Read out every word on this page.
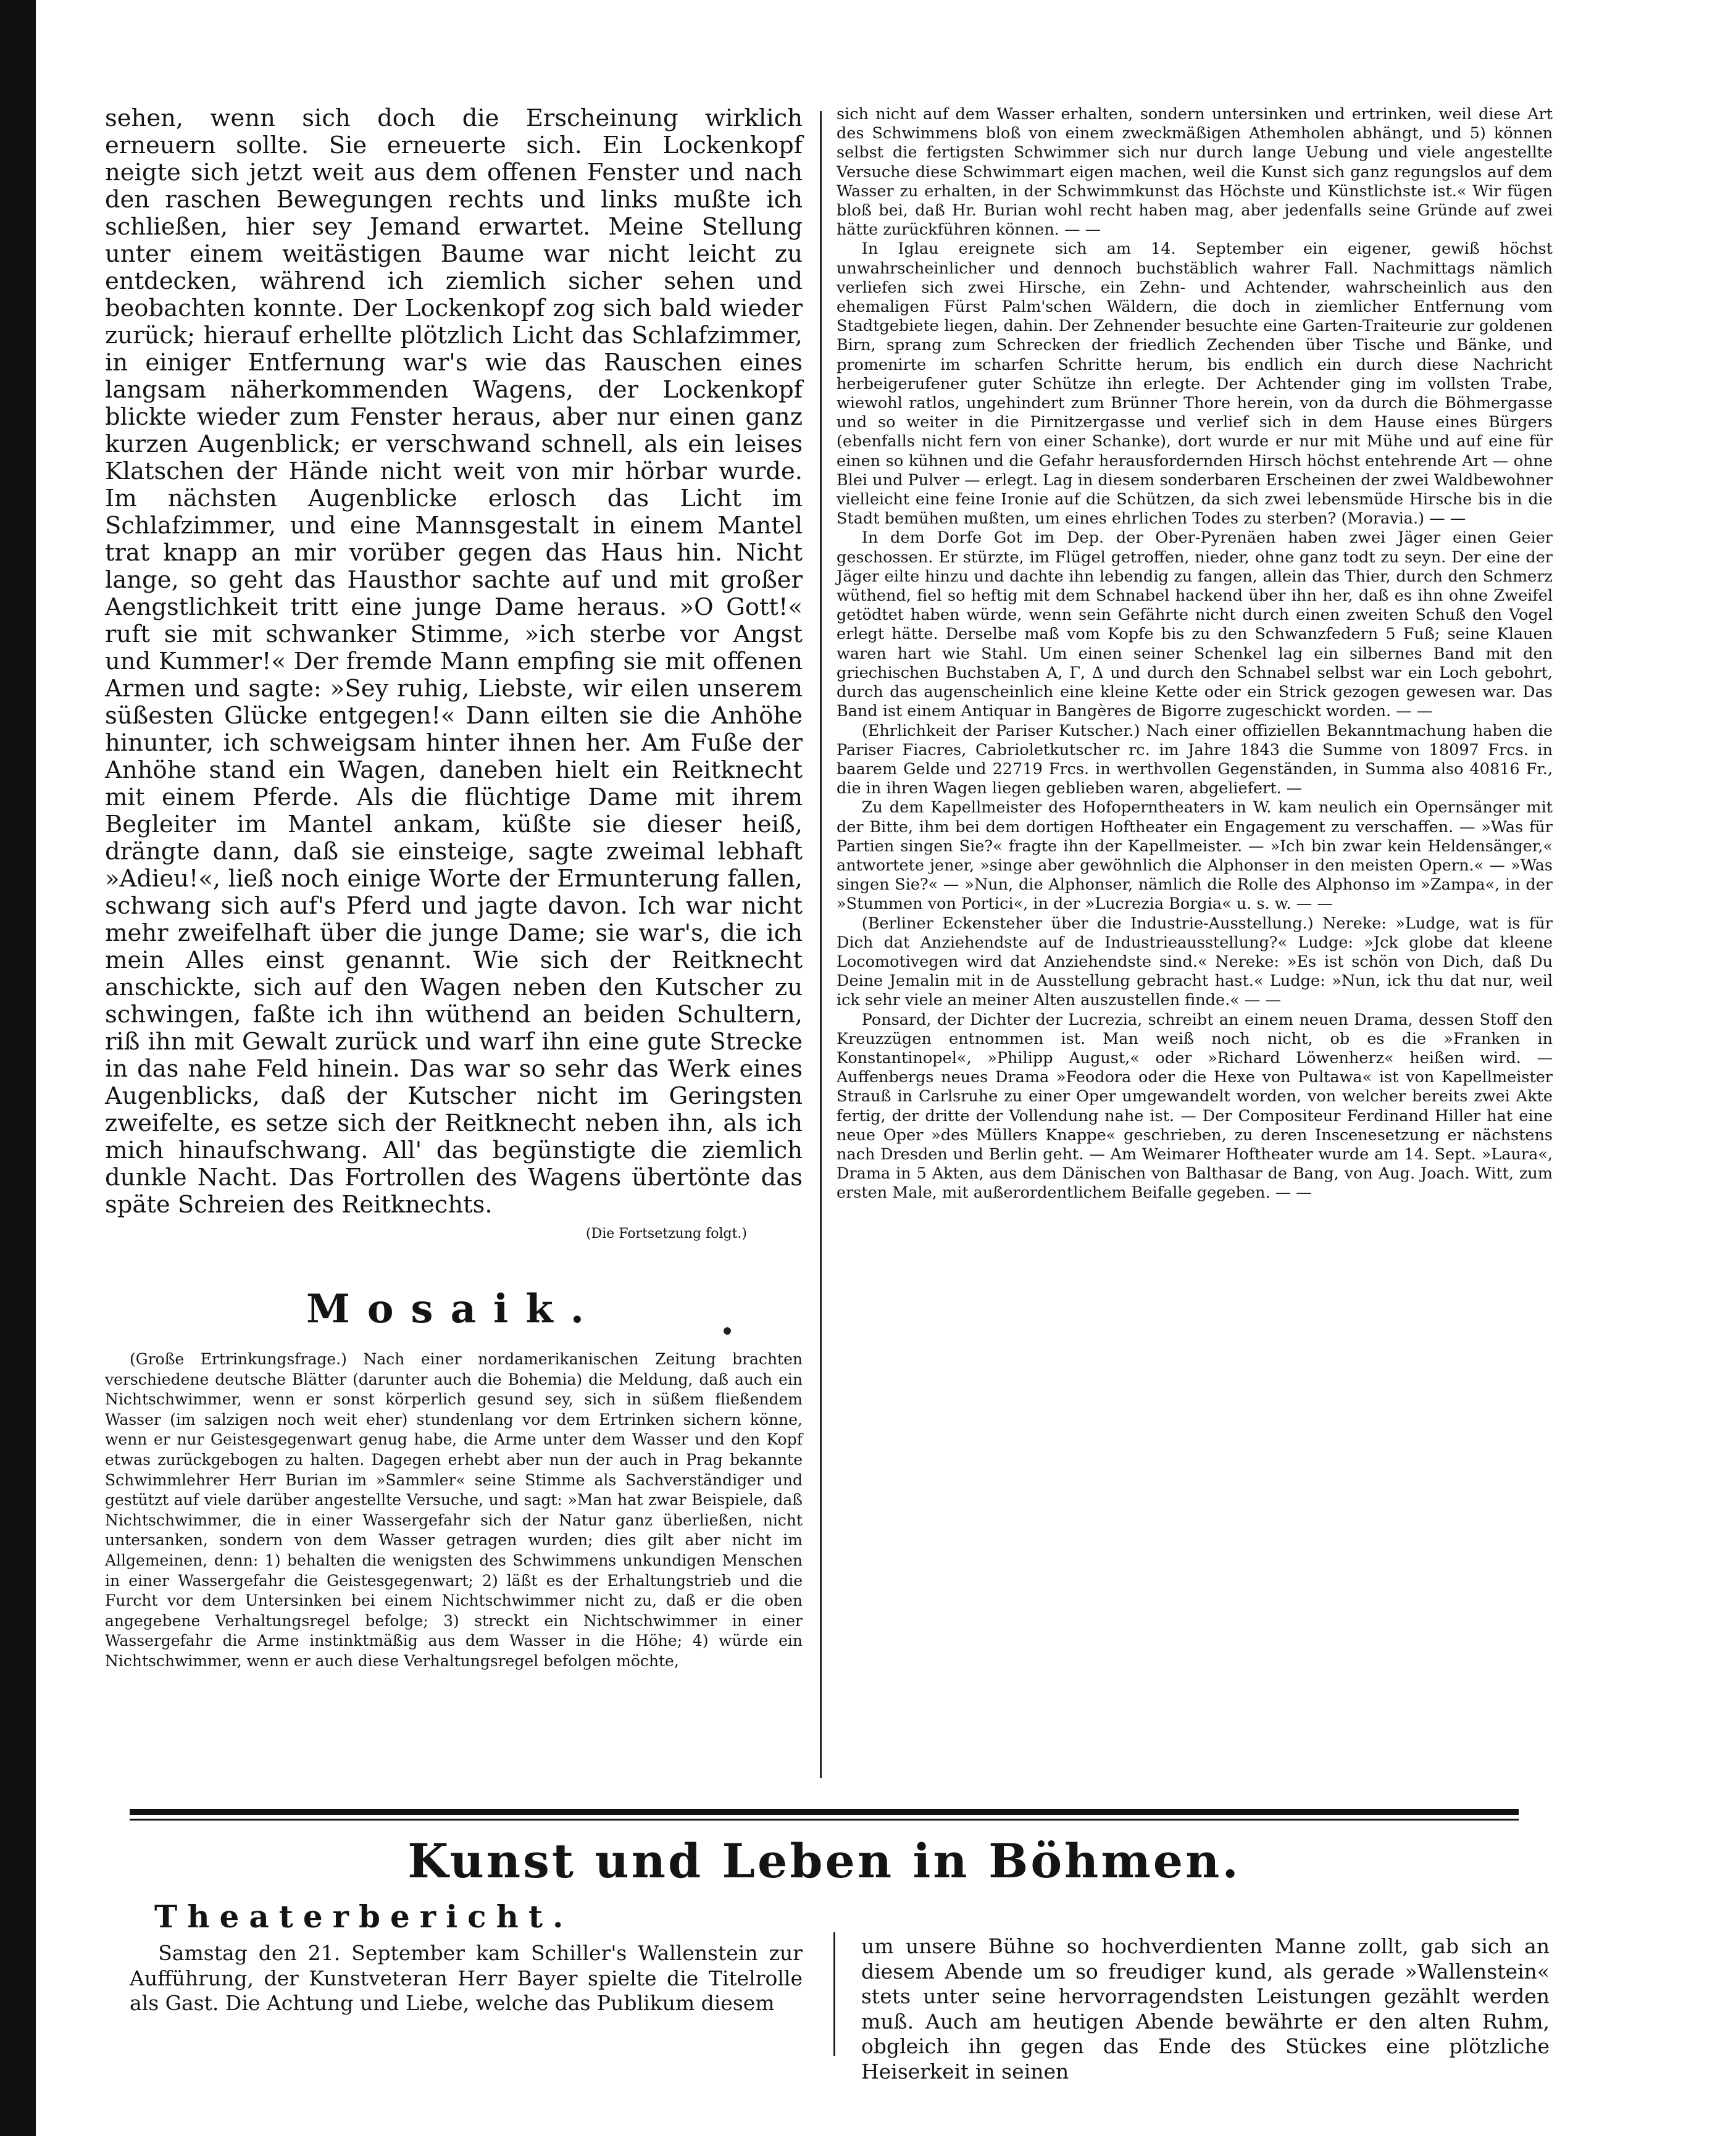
sehen, wenn sich doch die Erscheinung wirklich erneuern sollte. Sie erneuerte sich. Ein Lockenkopf neigte sich jetzt weit aus dem offenen Fenster und nach den raschen Bewegungen rechts und links mußte ich schließen, hier sey Jemand erwartet. Meine Stellung unter einem weitästigen Baume war nicht leicht zu entdecken, während ich ziemlich sicher sehen und beobachten konnte. Der Lockenkopf zog sich bald wieder zurück; hierauf erhellte plötzlich Licht das Schlafzimmer, in einiger Entfernung war's wie das Rauschen eines langsam näherkommenden Wagens, der Lockenkopf blickte wieder zum Fenster heraus, aber nur einen ganz kurzen Augenblick; er verschwand schnell, als ein leises Klatschen der Hände nicht weit von mir hörbar wurde. Im nächsten Augenblicke erlosch das Licht im Schlafzimmer, und eine Mannsgestalt in einem Mantel trat knapp an mir vorüber gegen das Haus hin. Nicht lange, so geht das Hausthor sachte auf und mit großer Aengstlichkeit tritt eine junge Dame heraus. »O Gott!« ruft sie mit schwanker Stimme, »ich sterbe vor Angst und Kummer!« Der fremde Mann empfing sie mit offenen Armen und sagte: »Sey ruhig, Liebste, wir eilen unserem süßesten Glücke entgegen!« Dann eilten sie die Anhöhe hinunter, ich schweigsam hinter ihnen her. Am Fuße der Anhöhe stand ein Wagen, daneben hielt ein Reitknecht mit einem Pferde. Als die flüchtige Dame mit ihrem Begleiter im Mantel ankam, küßte sie dieser heiß, drängte dann, daß sie einsteige, sagte zweimal lebhaft »Adieu!«, ließ noch einige Worte der Ermunterung fallen, schwang sich auf's Pferd und jagte davon. Ich war nicht mehr zweifelhaft über die junge Dame; sie war's, die ich mein Alles einst genannt. Wie sich der Reitknecht anschickte, sich auf den Wagen neben den Kutscher zu schwingen, faßte ich ihn wüthend an beiden Schultern, riß ihn mit Gewalt zurück und warf ihn eine gute Strecke in das nahe Feld hinein. Das war so sehr das Werk eines Augenblicks, daß der Kutscher nicht im Geringsten zweifelte, es setze sich der Reitknecht neben ihn, als ich mich hinaufschwang. All' das begünstigte die ziemlich dunkle Nacht. Das Fortrollen des Wagens übertönte das späte Schreien des Reitknechts.

(Die Fortsetzung folgt.)

Mosaik.

(Große Ertrinkungsfrage.) Nach einer nordamerikanischen Zeitung brachten verschiedene deutsche Blätter (darunter auch die Bohemia) die Meldung, daß auch ein Nichtschwimmer, wenn er sonst körperlich gesund sey, sich in süßem fließendem Wasser (im salzigen noch weit eher) stundenlang vor dem Ertrinken sichern könne, wenn er nur Geistesgegenwart genug habe, die Arme unter dem Wasser und den Kopf etwas zurückgebogen zu halten. Dagegen erhebt aber nun der auch in Prag bekannte Schwimmlehrer Herr Burian im »Sammler« seine Stimme als Sachverständiger und gestützt auf viele darüber angestellte Versuche, und sagt: »Man hat zwar Beispiele, daß Nichtschwimmer, die in einer Wassergefahr sich der Natur ganz überließen, nicht untersanken, sondern von dem Wasser getragen wurden; dies gilt aber nicht im Allgemeinen, denn: 1) behalten die wenigsten des Schwimmens unkundigen Menschen in einer Wassergefahr die Geistesgegenwart; 2) läßt es der Erhaltungstrieb und die Furcht vor dem Untersinken bei einem Nichtschwimmer nicht zu, daß er die oben angegebene Verhaltungsregel befolge; 3) streckt ein Nichtschwimmer in einer Wassergefahr die Arme instinktmäßig aus dem Wasser in die Höhe; 4) würde ein Nichtschwimmer, wenn er auch diese Verhaltungsregel befolgen möchte,

sich nicht auf dem Wasser erhalten, sondern untersinken und ertrinken, weil diese Art des Schwimmens bloß von einem zweckmäßigen Athemholen abhängt, und 5) können selbst die fertigsten Schwimmer sich nur durch lange Uebung und viele angestellte Versuche diese Schwimmart eigen machen, weil die Kunst sich ganz regungslos auf dem Wasser zu erhalten, in der Schwimmkunst das Höchste und Künstlichste ist.« Wir fügen bloß bei, daß Hr. Burian wohl recht haben mag, aber jedenfalls seine Gründe auf zwei hätte zurückführen können. — —

In Iglau ereignete sich am 14. September ein eigener, gewiß höchst unwahrscheinlicher und dennoch buchstäblich wahrer Fall. Nachmittags nämlich verliefen sich zwei Hirsche, ein Zehn- und Achtender, wahrscheinlich aus den ehemaligen Fürst Palm'schen Wäldern, die doch in ziemlicher Entfernung vom Stadtgebiete liegen, dahin. Der Zehnender besuchte eine Garten-Traiteurie zur goldenen Birn, sprang zum Schrecken der friedlich Zechenden über Tische und Bänke, und promenirte im scharfen Schritte herum, bis endlich ein durch diese Nachricht herbeigerufener guter Schütze ihn erlegte. Der Achtender ging im vollsten Trabe, wiewohl ratlos, ungehindert zum Brünner Thore herein, von da durch die Böhmergasse und so weiter in die Pirnitzergasse und verlief sich in dem Hause eines Bürgers (ebenfalls nicht fern von einer Schanke), dort wurde er nur mit Mühe und auf eine für einen so kühnen und die Gefahr herausfordernden Hirsch höchst entehrende Art — ohne Blei und Pulver — erlegt. Lag in diesem sonderbaren Erscheinen der zwei Waldbewohner vielleicht eine feine Ironie auf die Schützen, da sich zwei lebensmüde Hirsche bis in die Stadt bemühen mußten, um eines ehrlichen Todes zu sterben? (Moravia.) — —

In dem Dorfe Got im Dep. der Ober-Pyrenäen haben zwei Jäger einen Geier geschossen. Er stürzte, im Flügel getroffen, nieder, ohne ganz todt zu seyn. Der eine der Jäger eilte hinzu und dachte ihn lebendig zu fangen, allein das Thier, durch den Schmerz wüthend, fiel so heftig mit dem Schnabel hackend über ihn her, daß es ihn ohne Zweifel getödtet haben würde, wenn sein Gefährte nicht durch einen zweiten Schuß den Vogel erlegt hätte. Derselbe maß vom Kopfe bis zu den Schwanzfedern 5 Fuß; seine Klauen waren hart wie Stahl. Um einen seiner Schenkel lag ein silbernes Band mit den griechischen Buchstaben Α, Γ, Δ und durch den Schnabel selbst war ein Loch gebohrt, durch das augenscheinlich eine kleine Kette oder ein Strick gezogen gewesen war. Das Band ist einem Antiquar in Bangères de Bigorre zugeschickt worden. — —

(Ehrlichkeit der Pariser Kutscher.) Nach einer offiziellen Bekanntmachung haben die Pariser Fiacres, Cabrioletkutscher rc. im Jahre 1843 die Summe von 18097 Frcs. in baarem Gelde und 22719 Frcs. in werthvollen Gegenständen, in Summa also 40816 Fr., die in ihren Wagen liegen geblieben waren, abgeliefert. —

Zu dem Kapellmeister des Hofoperntheaters in W. kam neulich ein Opernsänger mit der Bitte, ihm bei dem dortigen Hoftheater ein Engagement zu verschaffen. — »Was für Partien singen Sie?« fragte ihn der Kapellmeister. — »Ich bin zwar kein Heldensänger,« antwortete jener, »singe aber gewöhnlich die Alphonser in den meisten Opern.« — »Was singen Sie?« — »Nun, die Alphonser, nämlich die Rolle des Alphonso im »Zampa«, in der »Stummen von Portici«, in der »Lucrezia Borgia« u. s. w. — —

(Berliner Eckensteher über die Industrie-Ausstellung.) Nereke: »Ludge, wat is für Dich dat Anziehendste auf de Industrieausstellung?« Ludge: »Jck globe dat kleene Locomotivegen wird dat Anziehendste sind.« Nereke: »Es ist schön von Dich, daß Du Deine Jemalin mit in de Ausstellung gebracht hast.« Ludge: »Nun, ick thu dat nur, weil ick sehr viele an meiner Alten auszustellen finde.« — —

Ponsard, der Dichter der Lucrezia, schreibt an einem neuen Drama, dessen Stoff den Kreuzzügen entnommen ist. Man weiß noch nicht, ob es die »Franken in Konstantinopel«, »Philipp August,« oder »Richard Löwenherz« heißen wird. — Auffenbergs neues Drama »Feodora oder die Hexe von Pultawa« ist von Kapellmeister Strauß in Carlsruhe zu einer Oper umgewandelt worden, von welcher bereits zwei Akte fertig, der dritte der Vollendung nahe ist. — Der Compositeur Ferdinand Hiller hat eine neue Oper »des Müllers Knappe« geschrieben, zu deren Inscenesetzung er nächstens nach Dresden und Berlin geht. — Am Weimarer Hoftheater wurde am 14. Sept. »Laura«, Drama in 5 Akten, aus dem Dänischen von Balthasar de Bang, von Aug. Joach. Witt, zum ersten Male, mit außerordentlichem Beifalle gegeben. — —

Kunst und Leben in Böhmen.
Theaterbericht.

Samstag den 21. September kam Schiller's Wallenstein zur Aufführung, der Kunstveteran Herr Bayer spielte die Titelrolle als Gast. Die Achtung und Liebe, welche das Publikum diesem

um unsere Bühne so hochverdienten Manne zollt, gab sich an diesem Abende um so freudiger kund, als gerade »Wallenstein« stets unter seine hervorragendsten Leistungen gezählt werden muß. Auch am heutigen Abende bewährte er den alten Ruhm, obgleich ihn gegen das Ende des Stückes eine plötzliche Heiserkeit in seinen
